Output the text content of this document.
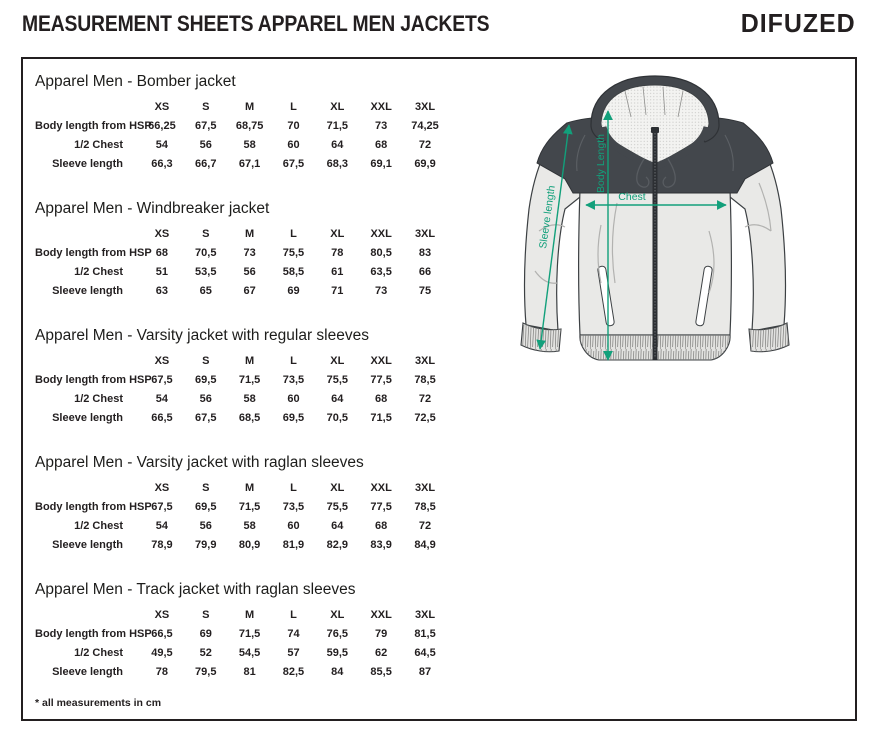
MEASUREMENT SHEETS APPAREL MEN JACKETS	DIFUZED
Apparel Men - Bomber jacket
	XS	S	M	L	XL	XXL	3XL
Body length from HSP	66,25	67,5	68,75	70	71,5	73	74,25
1/2 Chest	54	56	58	60	64	68	72
Sleeve length	66,3	66,7	67,1	67,5	68,3	69,1	69,9
Apparel Men - Windbreaker jacket
	XS	S	M	L	XL	XXL	3XL
Body length from HSP	68	70,5	73	75,5	78	80,5	83
1/2 Chest	51	53,5	56	58,5	61	63,5	66
Sleeve length	63	65	67	69	71	73	75
Apparel Men - Varsity jacket with regular sleeves
	XS	S	M	L	XL	XXL	3XL
Body length from HSP	67,5	69,5	71,5	73,5	75,5	77,5	78,5
1/2 Chest	54	56	58	60	64	68	72
Sleeve length	66,5	67,5	68,5	69,5	70,5	71,5	72,5
Apparel Men - Varsity jacket with raglan sleeves
	XS	S	M	L	XL	XXL	3XL
Body length from HSP	67,5	69,5	71,5	73,5	75,5	77,5	78,5
1/2 Chest	54	56	58	60	64	68	72
Sleeve length	78,9	79,9	80,9	81,9	82,9	83,9	84,9
Apparel Men - Track jacket with raglan sleeves
	XS	S	M	L	XL	XXL	3XL
Body length from HSP	66,5	69	71,5	74	76,5	79	81,5
1/2 Chest	49,5	52	54,5	57	59,5	62	64,5
Sleeve length	78	79,5	81	82,5	84	85,5	87
Body Length
Sleeve length	Chest
* all measurements in cm
